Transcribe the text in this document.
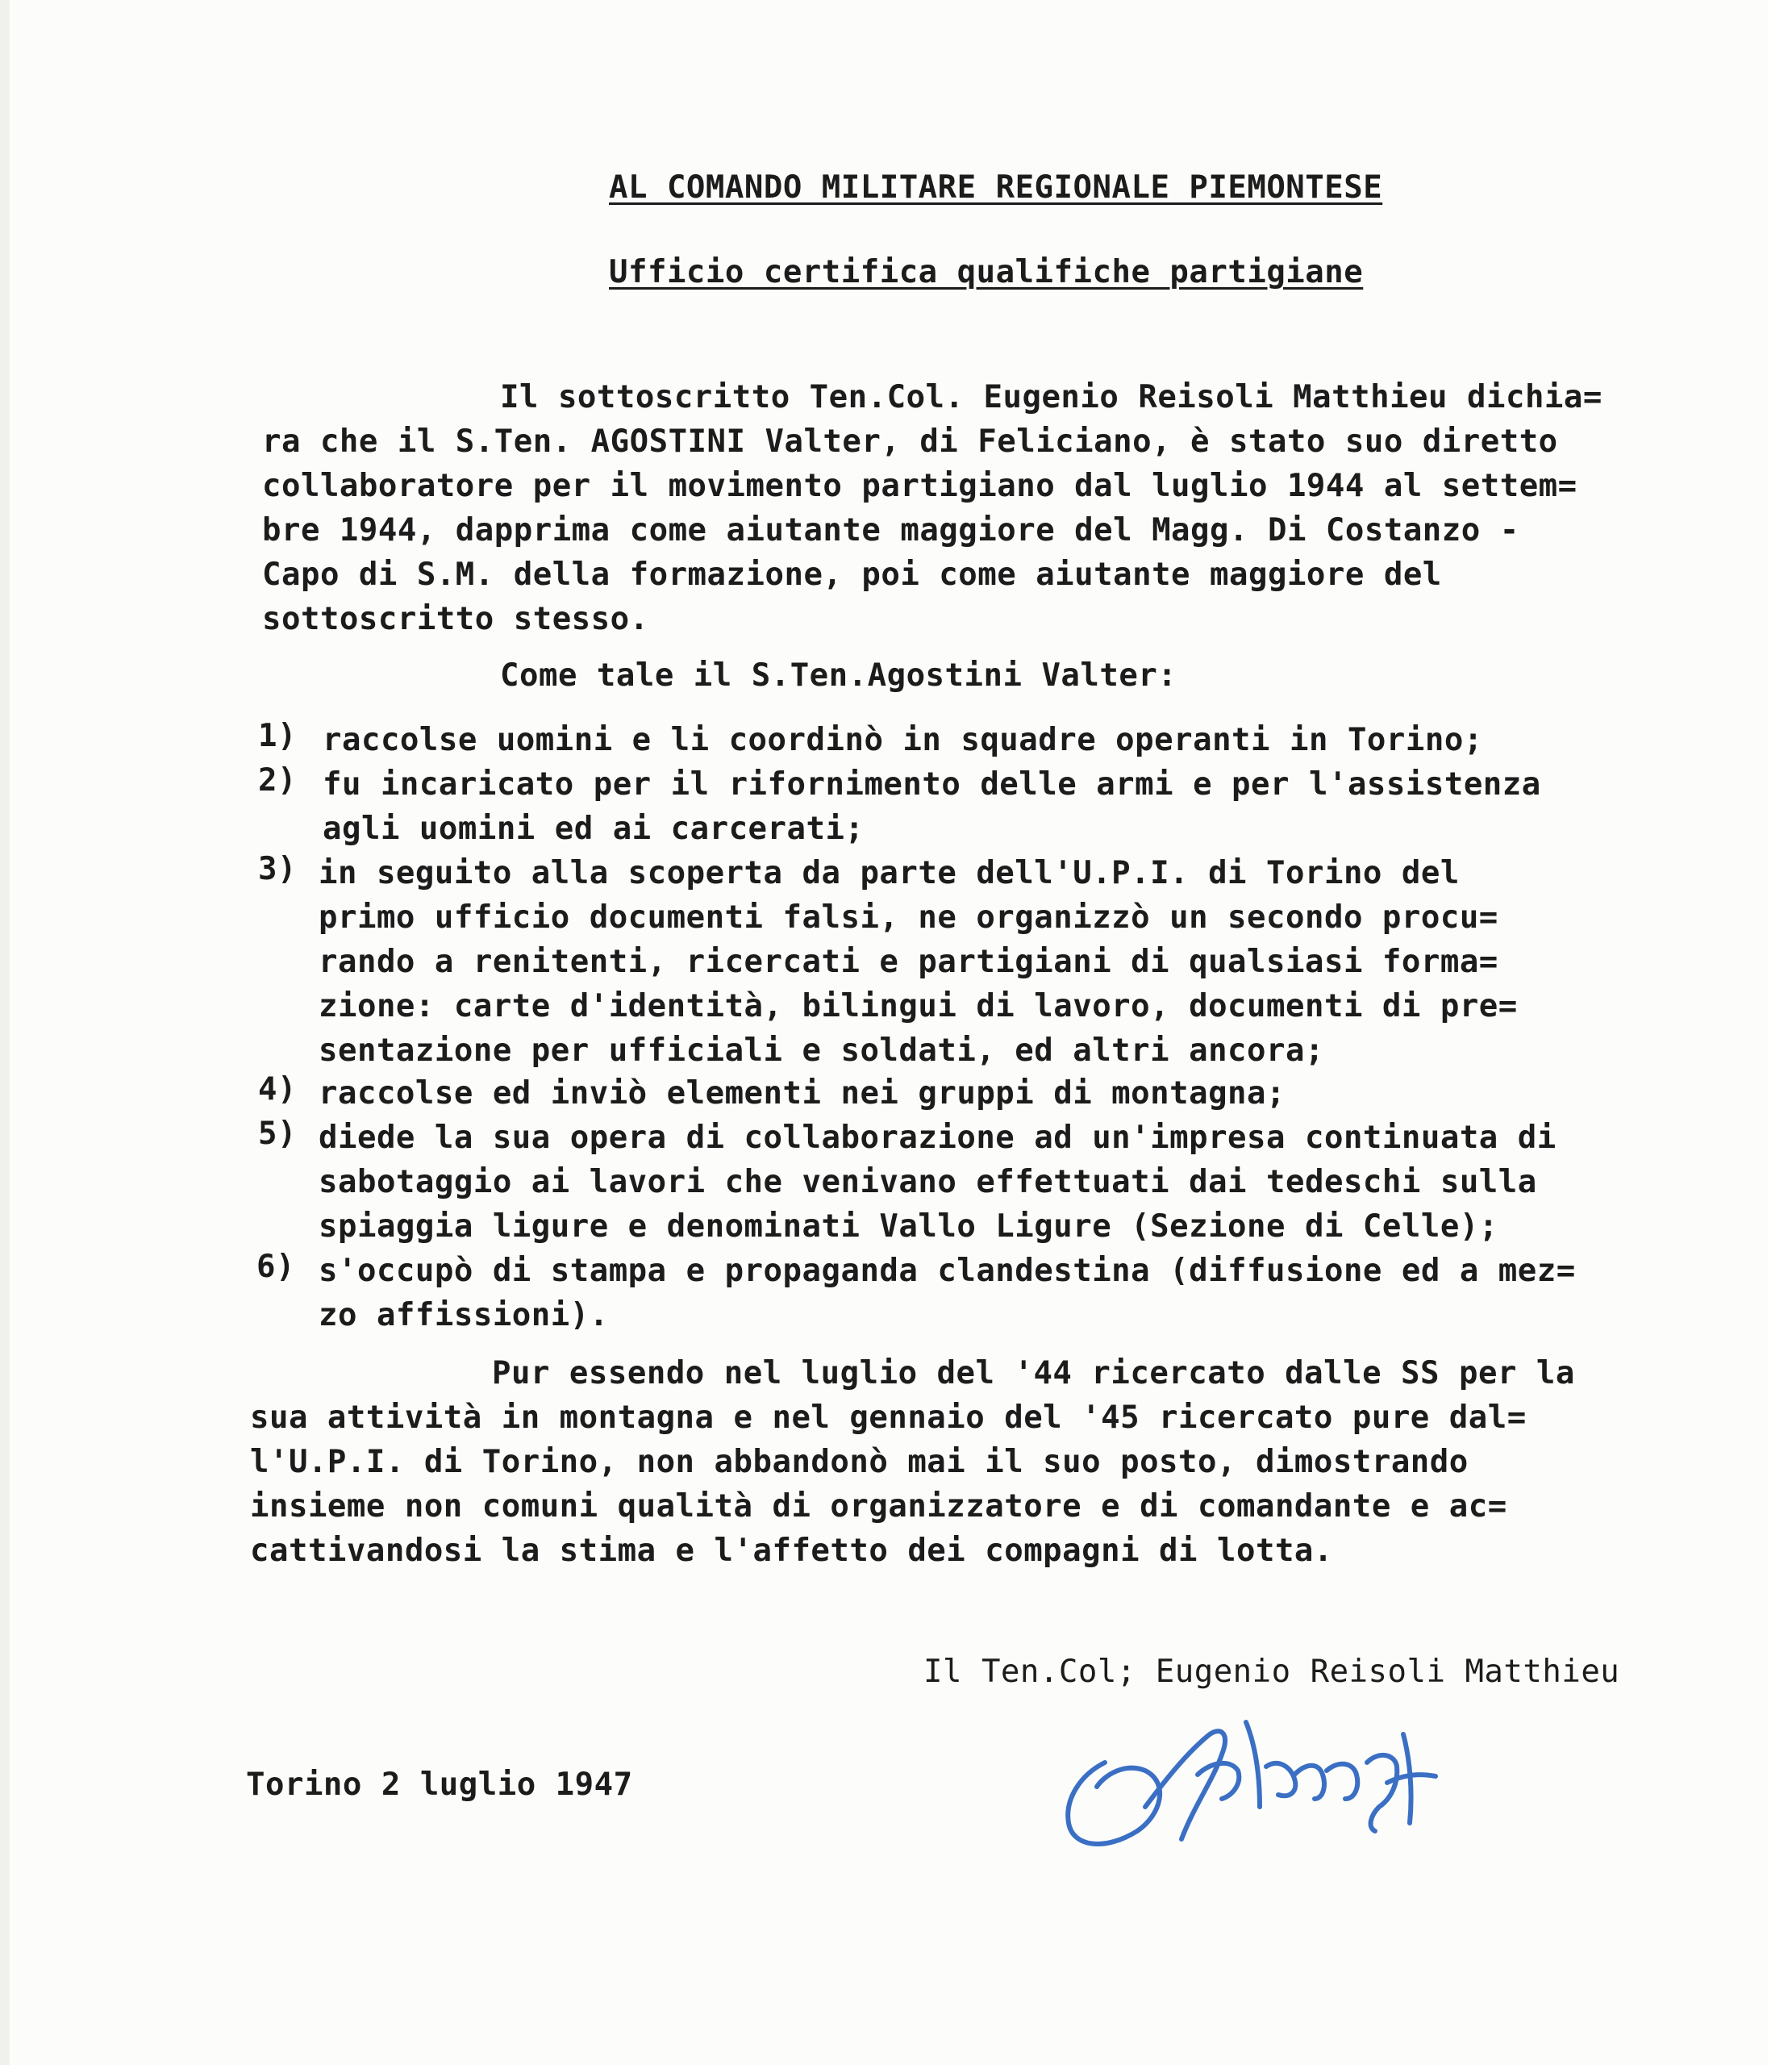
AL COMANDO MILITARE REGIONALE PIEMONTESE
Ufficio certifica qualifiche partigiane
Il sottoscritto Ten.Col. Eugenio Reisoli Matthieu dichia=
ra che il S.Ten. AGOSTINI Valter, di Feliciano, è stato suo diretto
collaboratore per il movimento partigiano dal luglio 1944 al settem=
bre 1944, dapprima come aiutante maggiore del Magg. Di Costanzo -
Capo di S.M. della formazione, poi come aiutante maggiore del
sottoscritto stesso.
Come tale il S.Ten.Agostini Valter:
1) raccolse uomini e li coordinò in squadre operanti in Torino;
2) fu incaricato per il rifornimento delle armi e per l'assistenza
agli uomini ed ai carcerati;
3) in seguito alla scoperta da parte dell'U.P.I. di Torino del
primo ufficio documenti falsi, ne organizzò un secondo procu=
rando a renitenti, ricercati e partigiani di qualsiasi forma=
zione: carte d'identità, bilingui di lavoro, documenti di pre=
sentazione per ufficiali e soldati, ed altri ancora;
4) raccolse ed inviò elementi nei gruppi di montagna;
5) diede la sua opera di collaborazione ad un'impresa continuata di
sabotaggio ai lavori che venivano effettuati dai tedeschi sulla
spiaggia ligure e denominati Vallo Ligure (Sezione di Celle);
6) s'occupò di stampa e propaganda clandestina (diffusione ed a mez=
zo affissioni).
Pur essendo nel luglio del '44 ricercato dalle SS per la
sua attività in montagna e nel gennaio del '45 ricercato pure dal=
l'U.P.I. di Torino, non abbandonò mai il suo posto, dimostrando
insieme non comuni qualità di organizzatore e di comandante e ac=
cattivandosi la stima e l'affetto dei compagni di lotta.
Il Ten.Col; Eugenio Reisoli Matthieu
Torino 2 luglio 1947
